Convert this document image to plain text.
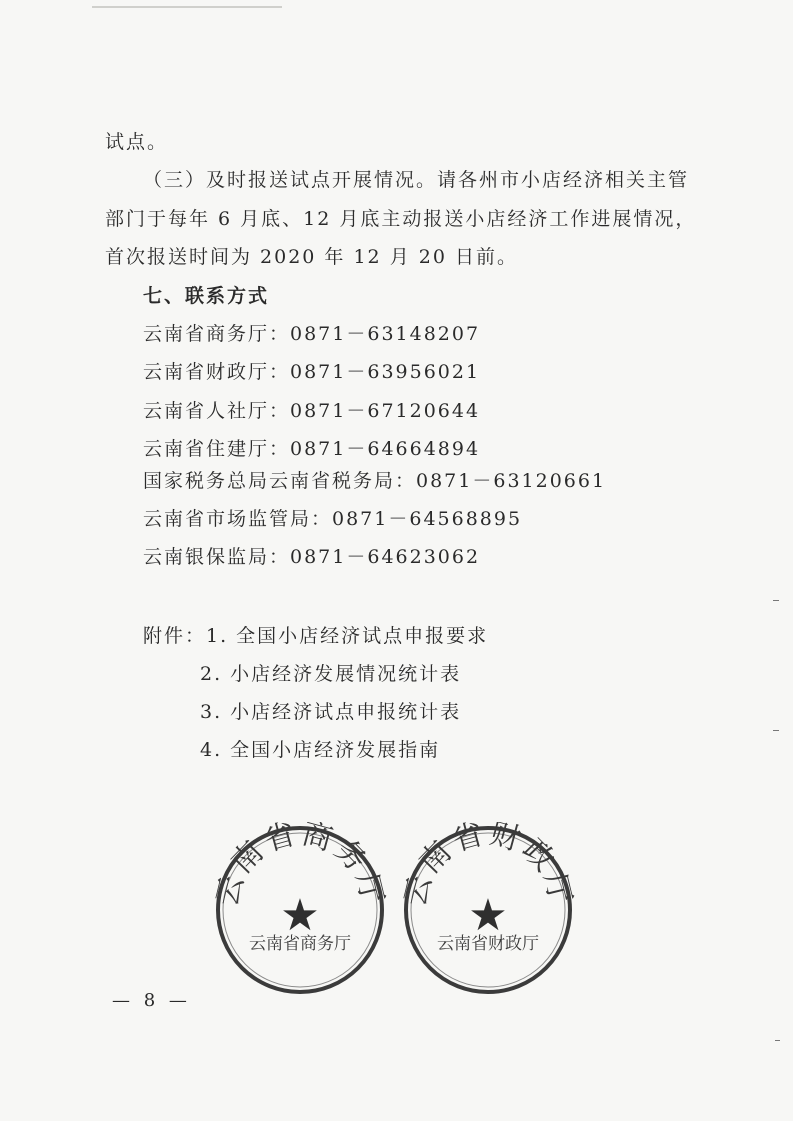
试点。
（三）及时报送试点开展情况。请各州市小店经济相关主管
部门于每年 6 月底、12 月底主动报送小店经济工作进展情况，
首次报送时间为 2020 年 12 月 20 日前。
七、联系方式
云南省商务厅：0871－63148207
云南省财政厅：0871－63956021
云南省人社厅：0871－67120644
云南省住建厅：0871－64664894
国家税务总局云南省税务局：0871－63120661
云南省市场监管局：0871－64568895
云南银保监局：0871－64623062
附件：1. 全国小店经济试点申报要求
2. 小店经济发展情况统计表
3. 小店经济试点申报统计表
4. 全国小店经济发展指南
云南省商务厅
★
云南省商务厅
云南省财政厅
★
云南省财政厅
— 8 —
